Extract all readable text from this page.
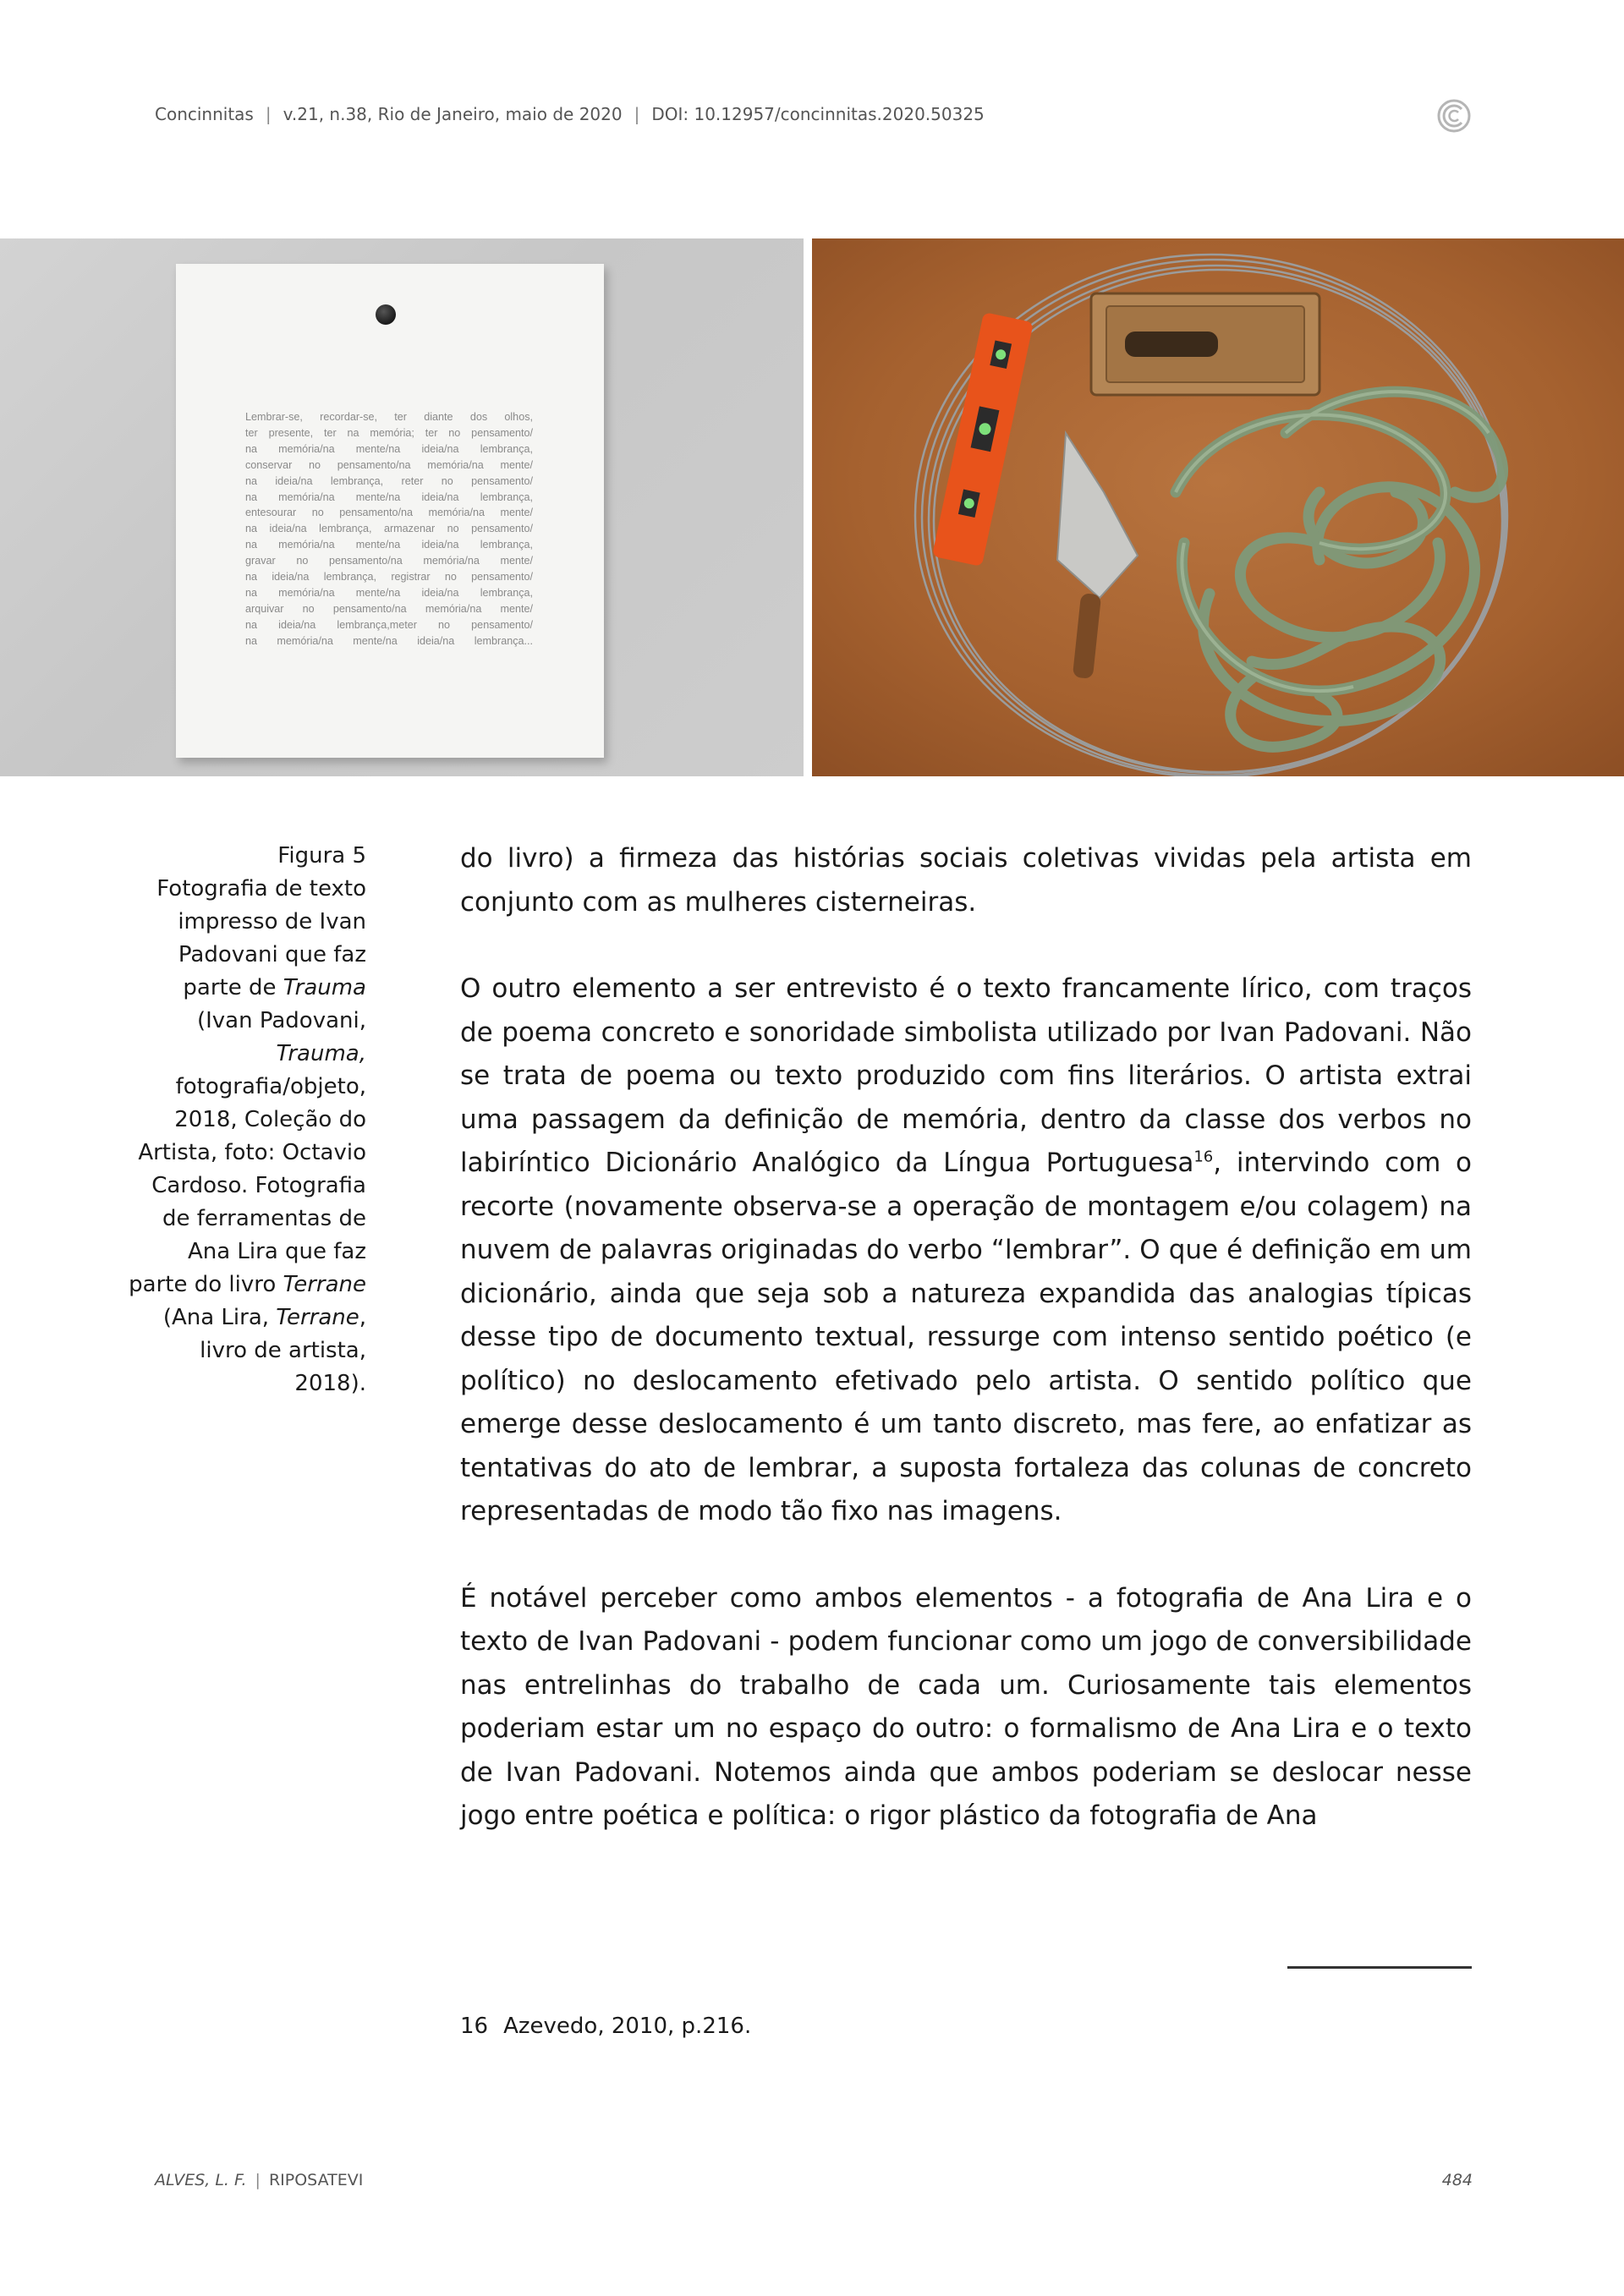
Concinnitas | v.21, n.38, Rio de Janeiro, maio de 2020 | DOI: 10.12957/concinnitas.2020.50325

Lembrar-se, recordar-se, ter diante dos olhos,
ter presente, ter na memória; ter no pensamento/
na memória/na mente/na ideia/na lembrança,
conservar no pensamento/na memória/na mente/
na ideia/na lembrança, reter no pensamento/
na memória/na mente/na ideia/na lembrança,
entesourar no pensamento/na memória/na mente/
na ideia/na lembrança, armazenar no pensamento/
na memória/na mente/na ideia/na lembrança,
gravar no pensamento/na memória/na mente/
na ideia/na lembrança, registrar no pensamento/
na memória/na mente/na ideia/na lembrança,
arquivar no pensamento/na memória/na mente/
na ideia/na lembrança,meter no pensamento/
na memória/na mente/na ideia/na lembrança...

Figura 5

Fotografia de texto impresso de Ivan Padovani que faz parte de Trauma (Ivan Padovani, Trauma, fotografia/objeto, 2018, Coleção do Artista, foto: Octavio Cardoso. Fotografia de ferramentas de Ana Lira que faz parte do livro Terrane (Ana Lira, Terrane, livro de artista, 2018).

do livro) a firmeza das histórias sociais coletivas vividas pela artista em conjunto com as mulheres cisterneiras.

O outro elemento a ser entrevisto é o texto francamente lírico, com traços de poema concreto e sonoridade simbolista utilizado por Ivan Padovani. Não se trata de poema ou texto produzido com fins literários. O artista extrai uma passagem da definição de memória, dentro da classe dos verbos no labiríntico Dicionário Analógico da Língua Portuguesa$^{16}$, intervindo com o recorte (novamente observa-se a operação de montagem e/ou colagem) na nuvem de palavras originadas do verbo “lembrar”. O que é definição em um dicionário, ainda que seja sob a natureza expandida das analogias típicas desse tipo de documento textual, ressurge com intenso sentido poético (e político) no deslocamento efetivado pelo artista. O sentido político que emerge desse deslocamento é um tanto discreto, mas fere, ao enfatizar as tentativas do ato de lembrar, a suposta fortaleza das colunas de concreto representadas de modo tão fixo nas imagens.

É notável perceber como ambos elementos - a fotografia de Ana Lira e o texto de Ivan Padovani - podem funcionar como um jogo de conversibilidade nas entrelinhas do trabalho de cada um. Curiosamente tais elementos poderiam estar um no espaço do outro: o formalismo de Ana Lira e o texto de Ivan Padovani. Notemos ainda que ambos poderiam se deslocar nesse jogo entre poética e política: o rigor plástico da fotografia de Ana

16 Azevedo, 2010, p.216.
ALVES, L. F. | RIPOSATEVI	484
